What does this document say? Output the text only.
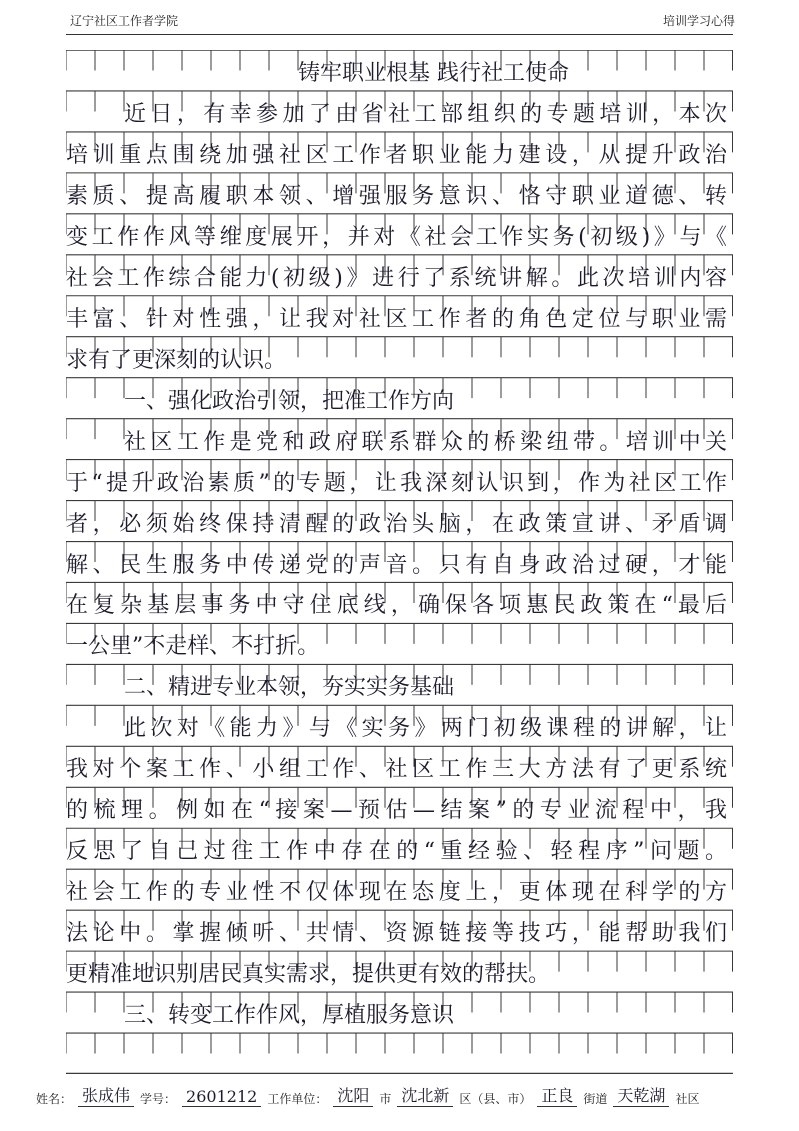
辽宁社区工作者学院	培训学习心得
铸牢职业根基 践行社工使命
近日，有幸参加了由省社工部组织的专题培训，本次
培训重点围绕加强社区工作者职业能力建设，从提升政治
素质、提高履职本领、增强服务意识、恪守职业道德、转
变工作作风等维度展开，并对《社会工作实务(初级)》与《
社会工作综合能力(初级)》进行了系统讲解。此次培训内容
丰富、针对性强，让我对社区工作者的角色定位与职业需
求有了更深刻的认识。
一、强化政治引领，把准工作方向
社区工作是党和政府联系群众的桥梁纽带。培训中关
于“提升政治素质”的专题，让我深刻认识到，作为社区工作
者，必须始终保持清醒的政治头脑，在政策宣讲、矛盾调
解、民生服务中传递党的声音。只有自身政治过硬，才能
在复杂基层事务中守住底线，确保各项惠民政策在“最后
一公里”不走样、不打折。
二、精进专业本领，夯实实务基础
此次对《能力》与《实务》两门初级课程的讲解，让
我对个案工作、小组工作、社区工作三大方法有了更系统
的梳理。例如在“接案—预估—结案”的专业流程中，我
反思了自己过往工作中存在的“重经验、轻程序”问题。
社会工作的专业性不仅体现在态度上，更体现在科学的方
法论中。掌握倾听、共情、资源链接等技巧，能帮助我们
更精准地识别居民真实需求，提供更有效的帮扶。
三、转变工作作风，厚植服务意识
姓名： 张成伟 学号： 2601212 工作单位： 沈阳 市 沈北新 区（县、市） 正良 街道 天乾湖 社区
